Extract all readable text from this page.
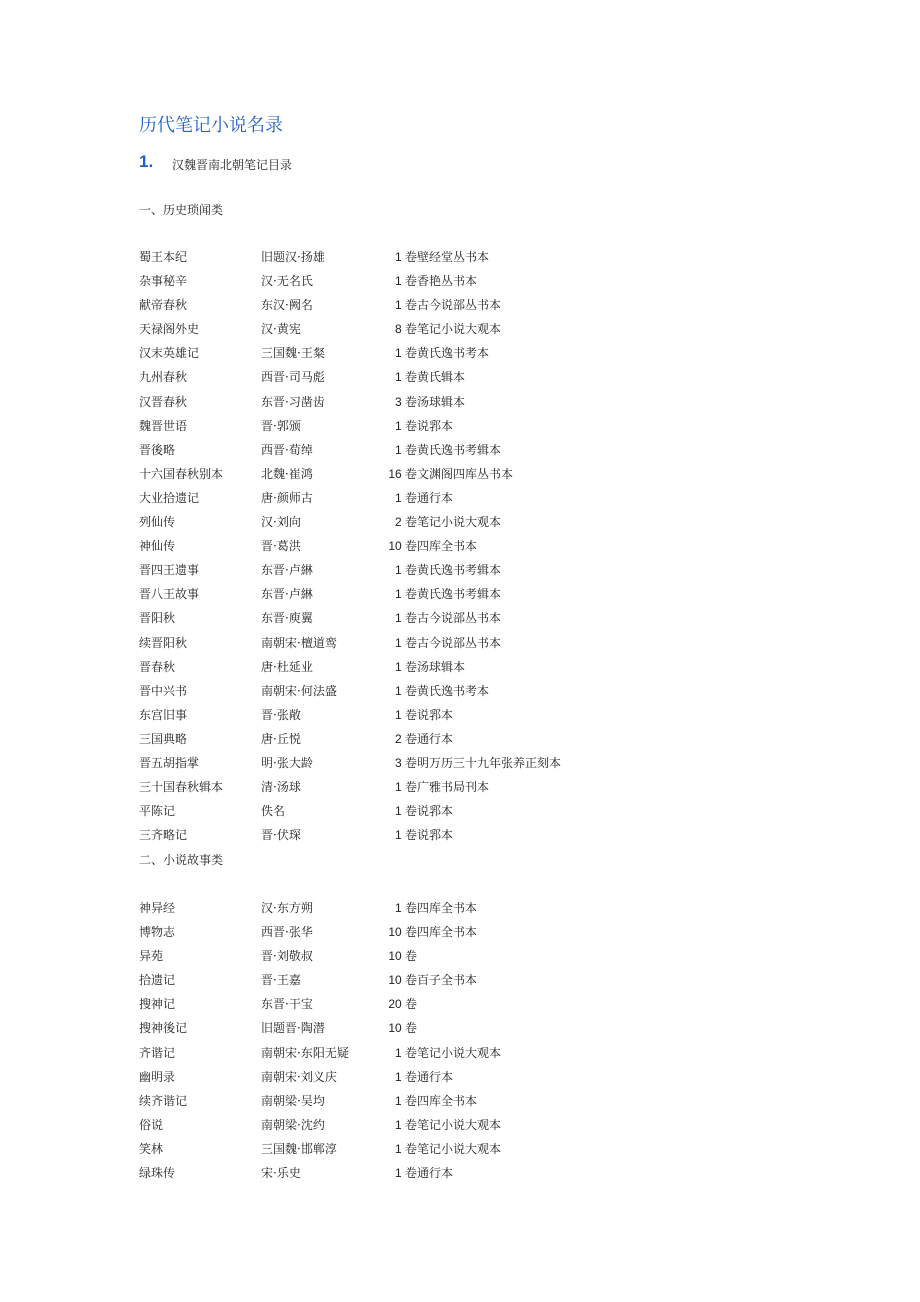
历代笔记小说名录
1. 汉魏晋南北朝笔记目录
一、历史琐闻类
蜀王本纪	旧题汉·扬雄	1 卷 壁经堂丛书本
杂事秘辛	汉·无名氏	1 卷 香艳丛书本
献帝春秋	东汉·阙名	1 卷 古今说部丛书本
天禄阁外史	汉·黄宪	8 卷 笔记小说大观本
汉末英雄记	三国魏·王粲	1 卷 黄氏逸书考本
九州春秋	西晋·司马彪	1 卷 黄氏辑本
汉晋春秋	东晋·习凿齿	3 卷 汤球辑本
魏晋世语	晋·郭颁	1 卷 说郛本
晋後略	西晋·荀绰	1 卷 黄氏逸书考辑本
十六国春秋别本	北魏·崔鸿	16 卷 文渊阁四库丛书本
大业拾遗记	唐·颜师古	1 卷 通行本
列仙传	汉·刘向	2 卷 笔记小说大观本
神仙传	晋·葛洪	10 卷 四库全书本
晋四王遗事	东晋·卢綝	1 卷 黄氏逸书考辑本
晋八王故事	东晋·卢綝	1 卷 黄氏逸书考辑本
晋阳秋	东晋·庾翼	1 卷 古今说部丛书本
续晋阳秋	南朝宋·檀道鸾	1 卷 古今说部丛书本
晋春秋	唐·杜延业	1 卷 汤球辑本
晋中兴书	南朝宋·何法盛	1 卷 黄氏逸书考本
东宫旧事	晋·张敞	1 卷 说郛本
三国典略	唐·丘悦	2 卷 通行本
晋五胡指掌	明·张大龄	3 卷 明万历三十九年张养正刻本
三十国春秋辑本	清·汤球	1 卷 广雅书局刊本
平陈记	佚名	1 卷 说郛本
三齐略记	晋·伏琛	1 卷 说郛本
二、小说故事类
神异经	汉·东方朔	1 卷 四库全书本
博物志	西晋·张华	10 卷 四库全书本
异苑	晋·刘敬叔	10 卷
拾遗记	晋·王嘉	10 卷 百子全书本
搜神记	东晋·干宝	20 卷
搜神後记	旧题晋·陶潜	10 卷
齐谐记	南朝宋·东阳无疑	1 卷 笔记小说大观本
幽明录	南朝宋·刘义庆	1 卷 通行本
续齐谐记	南朝梁·吴均	1 卷 四库全书本
俗说	南朝梁·沈约	1 卷 笔记小说大观本
笑林	三国魏·邯郸淳	1 卷 笔记小说大观本
绿珠传	宋·乐史	1 卷 通行本
